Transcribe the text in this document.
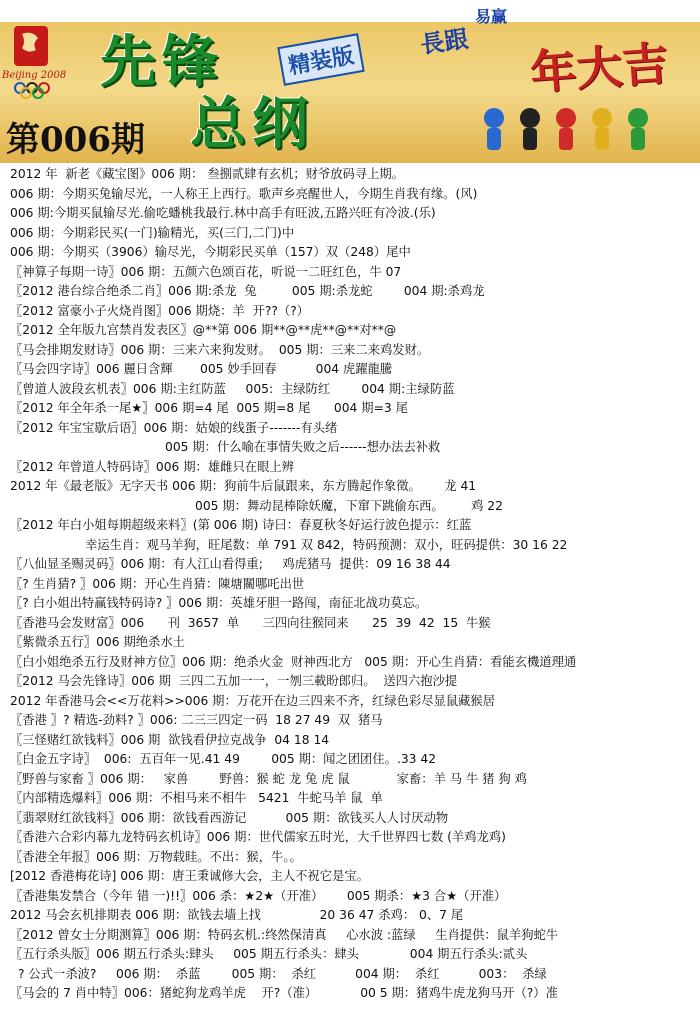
Beijing 2008 先锋
总纲
精装版
第006期
易赢
長跟 年大吉
2012 年  新老《藏宝图》006 期： 叁捌贰肆有玄机；财爷放码寻上期。
006 期：今期买兔输尽光，一人称王上西行。歌声乡亮醒世人，今期生肖我有缘。(风)
006 期:今期买鼠输尽光.偷吃蟠桃我最行.林中高手有旺波,五路兴旺有冷波.(乐)
006 期：今期彩民买(一门)输精光，买(三门,二门)中
006 期：今期买（3906）输尽光，今期彩民买单（157）双（248）尾中
〖神算子每期一诗〗006 期：五颜六色颂百花，听说一二旺红色，牛 07
〖2012 港台综合绝杀二肖〗006 期:杀龙  兔         005 期:杀龙蛇        004 期:杀鸡龙
〖2012 富豪小子火烧肖图〗006 期烧：羊  开??（?）
〖2012 全年版九宫禁肖发表区〗@**第 006 期**@**虎**@**对**@
〖马会排期发财诗〗006 期：三来六来狗发财。  005 期：三来二来鸡发财。
〖马会四字诗〗006 麗日含輝       005 妙手回春          004 虎躍龍騰
〖曾道人波段玄机表〗006 期:主红防蓝     005:  主绿防红        004 期:主绿防蓝
〖2012 年全年杀一尾★〗006 期=4 尾  005 期=8 尾      004 期=3 尾
〖2012 年宝宝歇后语〗006 期：姑娘的线蛋子-------有头绪
005 期：什么喻在事情失败之后------想办法去补救
〖2012 年曾道人特码诗〗006 期：雄雌只在眼上辨
2012 年《最老版》无字天书 006 期：狗前牛后鼠跟来，东方腾起作象徵。      龙 41
005 期：舞动昆棒除妖魔，下窜下跳偷东西。       鸡 22
〖2012 年白小姐每期超级来料〗(第 006 期) 诗曰：春夏秋冬好运行波色提示：红蓝
幸运生肖：观马羊狗，旺尾数：单 791 双 842，特码预测：双小，旺码提供：30 16 22
〖八仙显圣赐灵码〗006 期：有人江山看得重;     鸡虎猪马  提供：09 16 38 44
〖? 生肖猜? 〗006 期：开心生肖猜：陳塘關哪吒出世
〖? 白小姐出特赢钱特码诗? 〗006 期：英雄牙胆一路闯，南征北战功莫忘。
〖香港马会发财富〗006      刊  3657  单      三四向往猴同来      25  39  42  15  牛猴
〖紫微杀五行〗006 期绝杀水土
〖白小姐绝杀五行及财神方位〗006 期：绝杀火金  财神西北方   005 期：开心生肖猜：看能玄機道理通
〖2012 马会先锋诗〗006 期  三四二五加一一，一刎三載盼郎归。  送四六抱沙提
2012 年香港马会<<万花料>>006 期：万花开在边三四来不齐，红绿色彩尽显鼠藏猴居
〖香港 〗? 精选-劲料? 〗006: 二三三四定一码  18 27 49  双  猪马
〖三怪赌红欲钱料〗006 期  欲钱看伊拉克战争  04 18 14
〖白金五字诗〗  006:  五百年一见.41 49        005 期：闻之团团住。.33 42
〖野兽与家畜 〗006 期：   家兽        野兽：猴 蛇 龙 兔 虎 鼠            家畜：羊 马 牛 猪 狗 鸡
〖内部精选爆料〗006 期：不相马来不相牛   5421  牛蛇马羊 鼠  单
〖翡翠财红欲钱料〗006 期：欲钱看西游记          005 期：欲钱买人人讨厌动物
〖香港六合彩内幕九龙特码玄机诗〗006 期：世代儒家五时光，大千世界四七数 (羊鸡龙鸡)
〖香港全年报〗006 期：万物载眭。不出：猴，牛。。
[2012 香港梅花诗] 006 期：唐王秉诚修大会，主人不祝它是宝。
〖香港集发禁合（今年 错 一)!!〗006 杀：★2★（开准）      005 期杀：★3 合★（开准）
2012 马会玄机排期表 006 期：欲钱去墙上找               20 36 47 杀鸡： 0、7 尾
〖2012 曾女士分期测算〗006 期：特码玄机.:终然保清真     心水波 :蓝绿     生肖提供：鼠羊狗蛇牛
〖五行杀头版〗006 期五行杀头:肆头     005 期五行杀头：肆头             004 期五行杀头:贰头
? 公式一杀波?     006 期：  杀蓝        005 期：  杀红          004 期：  杀红          003：  杀绿
〖马会的 7 肖中特〗006：猪蛇狗龙鸡羊虎    开?（准）           00 5 期：猪鸡牛虎龙狗马开（?）准
